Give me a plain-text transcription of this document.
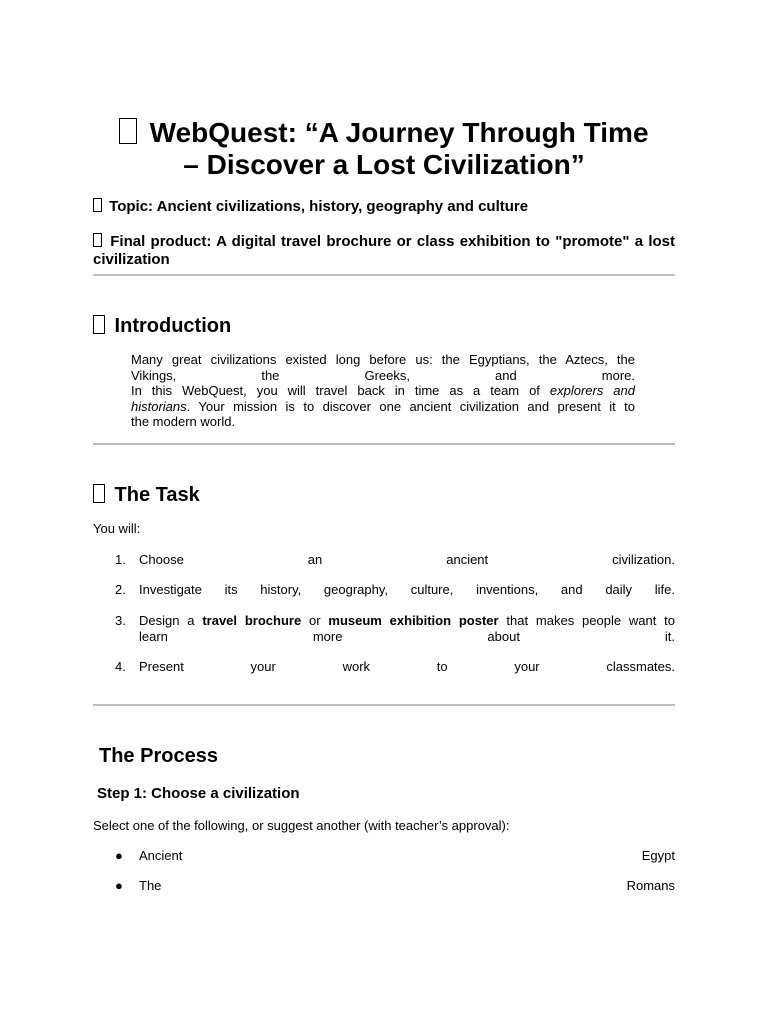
WebQuest: “A Journey Through Time
– Discover a Lost Civilization”

Topic: Ancient civilizations, history, geography and culture

Final product: A digital travel brochure or class exhibition to "promote" a lost civilization

Introduction
Many great civilizations existed long before us: the Egyptians, the Aztecs, the
Vikings, the Greeks, and more.
In this WebQuest, you will travel back in time as a team of explorers and
historians. Your mission is to discover one ancient civilization and present it to
the modern world.
The Task

You will:

1. Choose an ancient civilization.
2. Investigate its history, geography, culture, inventions, and daily life.
3. Design a travel brochure or museum exhibition poster that makes people want to
learn more about it.
4. Present your work to your classmates.
The Process
Step 1: Choose a civilization

Select one of the following, or suggest another (with teacher’s approval):

● Ancient	Egypt
● The	Romans
